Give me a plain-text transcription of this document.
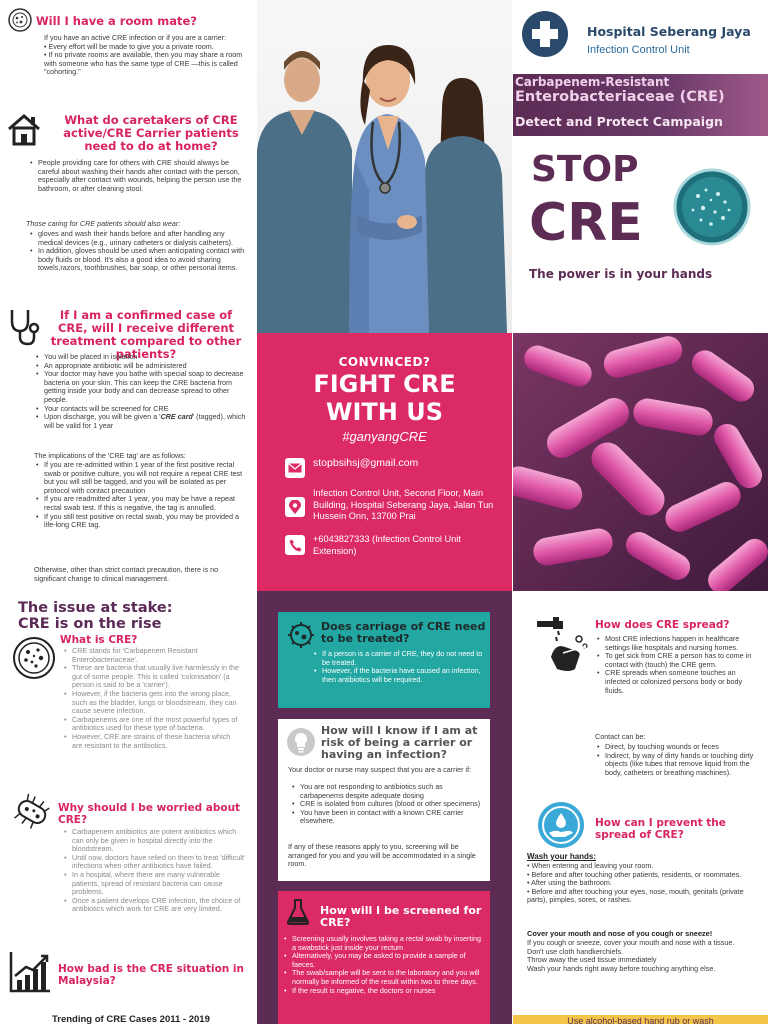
Will I have a room mate?
If you have an active CRE infection or if you are a carrier:
• Every effort will be made to give you a private room.
• If no private rooms are available, then you may share a room with someone who has the same type of CRE —this is called "cohorting."
What do caretakers of CRE active/CRE Carrier patients need to do at home?
• People providing care for others with CRE should always be careful about washing their hands after contact with the person, especially after contact with wounds, helping the person use the bathroom, or after cleaning stool.
Those caring for CRE patients should also wear:
• gloves and wash their hands before and after handling any medical devices (e.g., urinary catheters or dialysis catheters).
• In addition, gloves should be used when anticipating contact with body fluids or blood. It's also a good idea to avoid sharing towels,razors, toothbrushes, bar soap, or other personal items.
If I am a confirmed case of CRE, will I receive different treatment compared to other patients?
• You will be placed in isolation
• An appropriate antibiotic will be administered
• Your doctor may have you bathe with special soap to decrease bacteria on your skin. This can keep the CRE bacteria from getting inside your body and can decrease spread to other people.
• Your contacts will be screened for CRE
• Upon discharge, you will be given a 'CRE card' (tagged), which will be valid for 1 year
The implications of the 'CRE tag' are as follows:
• If you are re-admitted within 1 year of the first positive rectal swab or positive culture, you will not require a repeat CRE test but you will still be tagged, and you will be isolated as per protocol with contact precaution
• If you are readmitted after 1 year, you may be have a repeat rectal swab test. If this is negative, the tag is annulled.
• If you still test positive on rectal swab, you may be provided a life-long CRE tag.
Otherwise, other than strict contact precaution, there is no significant change to clinical management.
The issue at stake:
CRE is on the rise
What is CRE?
• CRE stands for 'Carbapenem Resistant Enterobacteriaceae'.
• These are bacteria that usually live harmlessly in the gut of some people. This is called 'colonisation' (a person is said to be a 'carrier').
• However, if the bacteria gets into the wrong place, such as the bladder, lungs or bloodstream, they can cause severe infection.
• Carbapenems are one of the most powerful types of antibiotics used for these type of bacteria.
• However, CRE are strains of these bacteria which are resistant to the antibiotics.
Why should I be worried about CRE?
• Carbapenem antibiotics are potent antibiotics which can only be given in hospital directly into the bloodstream.
• Until now, doctors have relied on them to treat 'difficult' infections when other antibiotics have failed.
• In a hospital, where there are many vulnerable patients, spread of resistant bacteria can cause problems.
• Once a patient develops CRE infection, the choice of antibiotics which work for CRE are very limited.
How bad is the CRE situation in Malaysia?
Trending of CRE Cases 2011 - 2019
CONVINCED?
FIGHT CRE
WITH US
#ganyangCRE
stopbsihsj@gmail.com
Infection Control Unit, Second Floor, Main Building, Hospital Seberang Jaya, Jalan Tun Hussein Onn, 13700 Prai
+6043827333 (Infection Control Unit Extension)
Does carriage of CRE need to be treated?
• If a person is a carrier of CRE, they do not need to be treated.
• However, if the bacteria have caused an infection, then antibiotics will be required.
How will I know if I am at risk of being a carrier or having an infection?
Your doctor or nurse may suspect that you are a carrier if:
• You are not responding to antibiotics such as carbapenems despite adequate dosing
• CRE is isolated from cultures (blood or other specimens)
• You have been in contact with a known CRE carrier elsewhere.
If any of these reasons apply to you, screening will be arranged for you and you will be accommodated in a single room.
How will I be screened for CRE?
• Screening usually involves taking a rectal swab by inserting a swabstick just inside your rectum
• Alternatively, you may be asked to provide a sample of faeces.
• The swab/sample will be sent to the laboratory and you will normally be informed of the result within two to three days.
• If the result is negative, the doctors or nurses
Hospital Seberang Jaya
Infection Control Unit
Carbapenem-Resistant
Enterobacteriaceae (CRE)
Detect and Protect Campaign
STOP
CRE
The power is in your hands
How does CRE spread?
• Most CRE infections happen in healthcare settings like hospitals and nursing homes.
• To get sick from CRE a person has to come in contact with (touch) the CRE germ.
• CRE spreads when someone touches an infected or colonized persons body or body fluids.
Contact can be:
• Direct, by touching wounds or feces
• Indirect, by way of dirty hands or touching dirty objects (like tubes that remove liquid from the body, catheters or breathing machines).
How can I prevent the spread of CRE?
Wash your hands:
• When entering and leaving your room.
• Before and after touching other patients, residents, or roommates.
• After using the bathroom.
• Before and after touching your eyes, nose, mouth, genitals (private parts), pimples, sores, or rashes.
Cover your mouth and nose of you cough or sneeze!
If you cough or sneeze, cover your mouth and nose with a tissue.
Don't use cloth handkerchiefs.
Throw away the used tissue immediately
Wash your hands right away before touching anything else.
Use alcohol-based hand rub or wash
